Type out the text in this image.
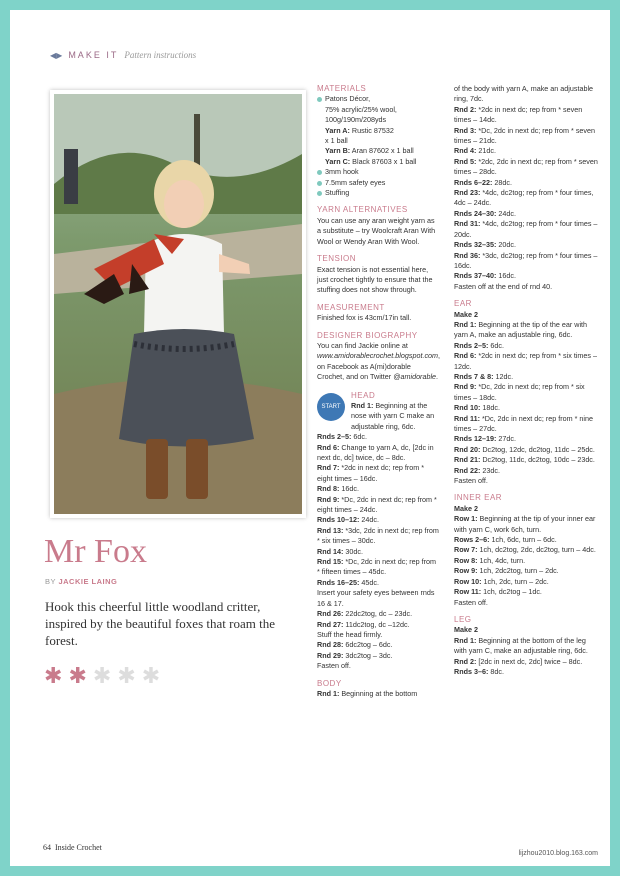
◀▶ MAKE IT Pattern instructions
Mr Fox
BY JACKIE LAING
Hook this cheerful little woodland critter, inspired by the beautiful foxes that roam the forest.
✱ ✱ ✱ ✱ ✱
MATERIALS
Patons Décor,
75% acrylic/25% wool,
100g/190m/208yds
Yarn A: Rustic 87532
x 1 ball
Yarn B: Aran 87602 x 1 ball
Yarn C: Black 87603 x 1 ball
3mm hook
7.5mm safety eyes
Stuffing
YARN ALTERNATIVES
You can use any aran weight yarn as a substitute – try Woolcraft Aran With Wool or Wendy Aran With Wool.
TENSION
Exact tension is not essential here, just crochet tightly to ensure that the stuffing does not show through.
MEASUREMENT
Finished fox is 43cm/17in tall.
DESIGNER BIOGRAPHY
You can find Jackie online at www.amidorablecrochet.blogspot.com, on Facebook as A(mi)dorable Crochet, and on Twitter @amidorable.
START
HEAD
Rnd 1: Beginning at the nose with yarn C make an adjustable ring, 6dc.
Rnds 2–5: 6dc.
Rnd 6: Change to yarn A, dc, [2dc in next dc, dc] twice, dc – 8dc.
Rnd 7: *2dc in next dc; rep from * eight times – 16dc.
Rnd 8: 16dc.
Rnd 9: *Dc, 2dc in next dc; rep from * eight times – 24dc.
Rnds 10–12: 24dc.
Rnd 13: *3dc, 2dc in next dc; rep from * six times – 30dc.
Rnd 14: 30dc.
Rnd 15: *Dc, 2dc in next dc; rep from * fifteen times – 45dc.
Rnds 16–25: 45dc.
Insert your safety eyes between rnds 16 & 17.
Rnd 26: 22dc2tog, dc – 23dc.
Rnd 27: 11dc2tog, dc –12dc.
Stuff the head firmly.
Rnd 28: 6dc2tog – 6dc.
Rnd 29: 3dc2tog – 3dc.
Fasten off.
BODY
Rnd 1: Beginning at the bottom
of the body with yarn A, make an adjustable ring, 7dc.
Rnd 2: *2dc in next dc; rep from * seven times – 14dc.
Rnd 3: *Dc, 2dc in next dc; rep from * seven times – 21dc.
Rnd 4: 21dc.
Rnd 5: *2dc, 2dc in next dc; rep from * seven times – 28dc.
Rnds 6–22: 28dc.
Rnd 23: *4dc, dc2tog; rep from * four times, 4dc – 24dc.
Rnds 24–30: 24dc.
Rnd 31: *4dc, dc2tog; rep from * four times – 20dc.
Rnds 32–35: 20dc.
Rnd 36: *3dc, dc2tog; rep from * four times – 16dc.
Rnds 37–40: 16dc.
Fasten off at the end of rnd 40.
EAR
Make 2
Rnd 1: Beginning at the tip of the ear with yarn A, make an adjustable ring, 6dc.
Rnds 2–5: 6dc.
Rnd 6: *2dc in next dc; rep from * six times – 12dc.
Rnds 7 & 8: 12dc.
Rnd 9: *Dc, 2dc in next dc; rep from * six times – 18dc.
Rnd 10: 18dc.
Rnd 11: *Dc, 2dc in next dc; rep from * nine times – 27dc.
Rnds 12–19: 27dc.
Rnd 20: Dc2tog, 12dc, dc2tog, 11dc – 25dc.
Rnd 21: Dc2tog, 11dc, dc2tog, 10dc – 23dc.
Rnd 22: 23dc.
Fasten off.
INNER EAR
Make 2
Row 1: Beginning at the tip of your inner ear with yarn C, work 6ch, turn.
Rows 2–6: 1ch, 6dc, turn – 6dc.
Row 7: 1ch, dc2tog, 2dc, dc2tog, turn – 4dc.
Row 8: 1ch, 4dc, turn.
Row 9: 1ch, 2dc2tog, turn – 2dc.
Row 10: 1ch, 2dc, turn – 2dc.
Row 11: 1ch, dc2tog – 1dc.
Fasten off.
LEG
Make 2
Rnd 1: Beginning at the bottom of the leg with yarn C, make an adjustable ring, 6dc.
Rnd 2: [2dc in next dc, 2dc] twice – 8dc.
Rnds 3–6: 8dc.
64 Inside Crochet
lijzhou2010.blog.163.com
